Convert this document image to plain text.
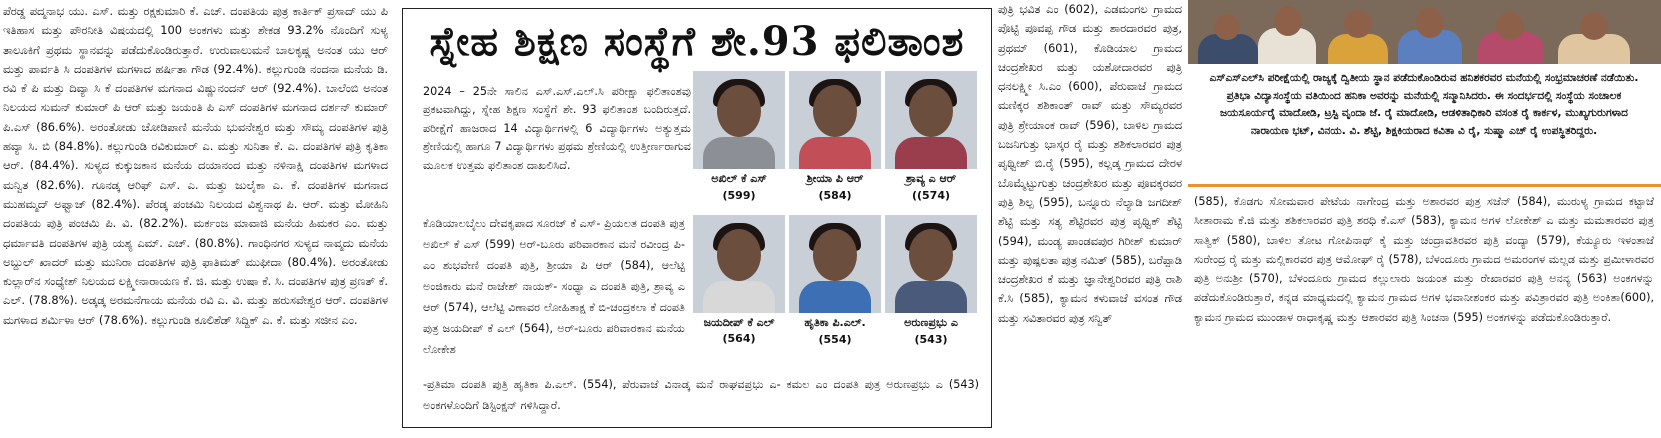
ಪೆರಡ್ಡ ಪದ್ಮನಾಭ ಯು. ಎಸ್. ಮತ್ತು ರಕ್ಷಕುಮಾರಿ ಕೆ. ಎಚ್. ದಂಪತಿಯ ಪುತ್ರ ಕಾರ್ತಿಕ್ ಪ್ರಸಾದ್ ಯು ಪಿ ಇತಿಹಾಸ ಮತ್ತು ಪೌರನೀತಿ ವಿಷಯದಲ್ಲಿ 100 ಅಂಕಗಳು ಮತ್ತು ಶೇಕಡ 93.2% ನೊಂದಿಗೆ ಸುಳ್ಯ ತಾಲೂಕಿಗೆ ಪ್ರಥಮ ಸ್ಥಾನವನ್ನು ಪಡೆದುಕೊಂಡಿರುತ್ತಾರೆ. ಉರುವಾಲುಮನೆ ಬಾಲಕೃಷ್ಣ ಅನಂತ ಯು ಆರ್ ಮತ್ತು ಪಾರ್ವತಿ ಸಿ ದಂಪತಿಗಳ ಮಗಳಾದ ಹರ್ಷಿತಾ ಗೌಡ (92.4%). ಕಲ್ಲುಗುಂಡಿ ನಂದನಾ ಮನೆಯ ಡಿ. ರವಿ ಕೆ ಪಿ ಮತ್ತು ದಿವ್ಯಾ ಸಿ ಕೆ ದಂಪತಿಗಳ ಮಗನಾದ ವಿಷ್ಣುನಂದನ್ ಆರ್ (92.4%). ಬಾಲೆಂಬಿ ಅನಂತ ನಿಲಯದ ಸುಮನ್ ಕುಮಾರ್ ಪಿ ಆರ್ ಮತ್ತು ಜಯಂತಿ ಪಿ ಎಸ್ ದಂಪತಿಗಳ ಮಗನಾದ ದರ್ಶನ್ ಕುಮಾರ್ ಪಿ.ಎಸ್ (86.6%). ಅರಂತೋಡು ಚೋಡಿಪಾಣಿ ಮನೆಯ ಭುವನೇಶ್ವರ ಮತ್ತು ಸೌಮ್ಯ ದಂಪತಿಗಳ ಪುತ್ರಿ ಹವ್ಯಾ ಸಿ. ಬಿ (84.8%). ಕಲ್ಲುಗುಂಡಿ ರವಿಕುಮಾರ್ ಎ. ಮತ್ತು ಸುನಿತಾ ಕೆ. ಎ. ದಂಪತಿಗಳ ಪುತ್ರಿ ಕೃತಿಕಾ ಆರ್. (84.4%). ಸುಳ್ಯದ ಕುಕ್ಕುಜಕಾನ ಮನೆಯ ದಯಾನಂದ ಮತ್ತು ನಳಿನಾಕ್ಷಿ ದಂಪತಿಗಳ ಮಗಳಾದ ಮನ್ವಿತ (82.6%). ಗೂನಡ್ಕ ಆರಿಫ್ ಎಸ್. ಎ. ಮತ್ತು ಜುಲೈಕಾ ಎ. ಕೆ. ದಂಪತಿಗಳ ಮಗನಾದ ಮುಹಮ್ಮದ್ ಅಫ್ವಾಜ್ (82.4%). ಪೆರಡ್ಕ ಪಂಚಮಿ ನಿಲಯದ ವಿಶ್ವನಾಥ ಪಿ. ಆರ್. ಮತ್ತು ಮೋಹಿನಿ ದಂಪತಿಯ ಪುತ್ರಿ ಪಂಚಮಿ ಪಿ. ವಿ. (82.2%). ಮರ್ಕಂಜ ಮಾವಾಜಿ ಮನೆಯ ಹಿಮಕರ ಎಂ. ಮತ್ತು ಧರ್ಮಾವತಿ ದಂಪತಿಗಳ ಪುತ್ರಿ ಯಶ್ಯ ಎಮ್. ಎಚ್. (80.8%). ಗಾಂಧಿನಗರ ಸುಳ್ಯದ ನಾವ್ಮದು ಮನೆಯ ಅಬ್ದುಲ್ ಖಾದರ್ ಮತ್ತು ಮುನಿರಾ ದಂಪತಿಗಳ ಪುತ್ರಿ ಫಾತಿಮತ್ ಮುಫೀದಾ (80.4%). ಅರಂತೋಡು ಕುಲ್ಲಾರ್‌ನ ಸಂಧ್ಯೇಶ್ ನಿಲಯದ ಲಕ್ಷ್ಮೀನಾರಾಯಣ ಕೆ. ಜಿ. ಮತ್ತು ಉಷಾ ಕೆ. ಸಿ. ದಂಪತಿಗಳ ಪುತ್ರ ಪ್ರಣತ್ ಕೆ. ಎಲ್. (78.8%). ಅಡ್ಕಡ್ಕ ಅರಮನೆಗಾಯ ಮನೆಯ ರವಿ ಎ. ವಿ. ಮತ್ತು ಹರುಸವೇಶ್ವರ ಆರ್. ದಂಪತಿಗಳ ಮಗಳಾದ ಶರ್ಮಿಳಾ ಆರ್ (78.6%). ಕಲ್ಲುಗುಂಡಿ ಕೂಲಿಶೆಡ್ ಸಿದ್ದಿಕ್ ಎ. ಕೆ. ಮತ್ತು ಸಜೀನ ಎಂ.

ಸ್ನೇಹ ಶಿಕ್ಷಣ ಸಂಸ್ಥೆಗೆ ಶೇ.93 ಫಲಿತಾಂಶ

2024 – 25ನೇ ಸಾಲಿನ ಎಸ್.ಎಸ್.ಎಲ್.ಸಿ ಪರೀಕ್ಷಾ ಫಲಿತಾಂಶವು ಪ್ರಕಟವಾಗಿದ್ದು, ಸ್ನೇಹ ಶಿಕ್ಷಣ ಸಂಸ್ಥೆಗೆ ಶೇ. 93 ಫಲಿತಾಂಶ ಬಂದಿರುತ್ತದೆ. ಪರೀಕ್ಷೆಗೆ ಹಾಜರಾದ 14 ವಿದ್ಯಾರ್ಥಿಗಳಲ್ಲಿ 6 ವಿದ್ಯಾರ್ಥಿಗಳು ಅತ್ಯುತ್ತಮ ಶ್ರೇಣಿಯಲ್ಲಿ ಹಾಗೂ 7 ವಿದ್ಯಾರ್ಥಿಗಳು ಪ್ರಥಮ ಶ್ರೇಣಿಯಲ್ಲಿ ಉತ್ತೀರ್ಣರಾಗುವ ಮೂಲಕ ಉತ್ತಮ ಫಲಿತಾಂಶ ದಾಖಲಿಸಿದೆ.

ಕೊಡಿಯಾಲಬೈಲು ದೇವಕೃಪಾದ ಸೂರಜ್ ಕೆ ಎಸ್- ಪ್ರಿಯಲತ ದಂಪತಿ ಪುತ್ರ ಅಖಿಲ್ ಕೆ ಎಸ್ (599) ಅರ್-ಬೂರು ಪರಿವಾರಕಾನ ಮನೆ ರವೀಂದ್ರ ಪಿ- ಎಂ ಶುಭವೇಣಿ ದಂಪತಿ ಪುತ್ರಿ, ಶ್ರೀಯಾ ಪಿ ಆರ್ (584), ಆಲೆಟ್ಟಿ ಅಂಜಿಕಾರು ಮನೆ ರಾಜೇಶ್ ನಾಯಕ್- ಸಂಧ್ಯಾ ಎ ದಂಪತಿ ಪುತ್ರಿ, ಶ್ರಾವ್ಯ ಎ ಆರ್ (574), ಆಲೆಟ್ಟಿ ವಿಣಾವರ ಲೋಹಿತಾಕ್ಷ ಕೆ ಬಿ-ಚಂದ್ರಕಲಾ ಕೆ ದಂಪತಿ ಪುತ್ರ ಜಯದೀಪ್ ಕೆ ಎಲ್ (564), ಅರ್-ಬೂರು ಪರಿವಾರಕಾನ ಮನೆಯ ಲೋಕೇಶ

-ಪ್ರತಿಮಾ ದಂಪತಿ ಪುತ್ರಿ ಹೃತಿಕಾ ಪಿ.ಎಲ್. (554), ಪೆರುವಾಜೆ ವಿನಾಡ್ಕ ಮನೆ ರಾಘವಪ್ರಭು ಎ- ಕಮಲ ಎಂ ದಂಪತಿ ಪುತ್ರ ಅರುಣಪ್ರಭು ಎ (543) ಅಂಕಗಳೊಂದಿಗೆ ಡಿಸ್ಟಿಂಕ್ಷನ್ ಗಳಿಸಿದ್ದಾರೆ.

ಅಖಿಲ್ ಕೆ ಎಸ್
(599)
ಶ್ರೀಯಾ ಪಿ ಆರ್
(584)
ಶ್ರಾವ್ಯ ಎ ಆರ್
((574)
ಜಯದೀಪ್ ಕೆ ಎಲ್ (564)
ಹೃತಿಕಾ ಪಿ.ಎಲ್.
(554)
ಅರುಣಪ್ರಭು ಎ
(543)

ಪುತ್ರಿ ಭವಿತ ಎಂ (602), ಎಡಮಂಗಲ ಗ್ರಾಮದ ಪೊಟ್ಟಿ ಪೂವಪ್ಪ ಗೌಡ ಮತ್ತು ಶಾರದಾರವರ ಪುತ್ರ, ಪ್ರಥಮ್ (601), ಕೊಡಿಯಾಲ ಗ್ರಾಮದ ಚಂದ್ರಶೇಖರ ಮತ್ತು ಯಶೋದಾರವರ ಪುತ್ರಿ ಧನಲಕ್ಷ್ಮೀ ಸಿ.ಎಂ (600), ಪೆರುವಾಜೆ ಗ್ರಾಮದ ಮಣಿಕ್ಕರ ಶಶಿಕಾಂತ್ ರಾವ್ ಮತ್ತು ಸೌಮ್ಯರವರ ಪುತ್ರಿ ಶ್ರೇಯಾಂಕ ರಾವ್ (596), ಬಾಳಿಲ ಗ್ರಾಮದ ಬಜನಿಗುತ್ತು ಭಾಸ್ಕರ ರೈ ಮತ್ತು ಶಶಿಕಲಾರವರ ಪುತ್ರ ಪೃಥ್ವೀಶ್ ಬಿ.ರೈ (595), ಕಲ್ಲಡ್ಕ ಗ್ರಾಮದ ದೇರಳ ಬೊಮ್ಮೆಟ್ಟುಗುತ್ತು ಚಂದ್ರಶೇಖರ ಮತ್ತು ಪೂವಕ್ಕರವರ ಪುತ್ರಿ ಶಿಲ್ಪ (595), ಬನ್ನೂರು ನೆಲ್ಯಾಡಿ ಜಗದೀಶ್ ಶೆಟ್ಟಿ ಮತ್ತು ಸತ್ಯ ಶೆಟ್ಟಿರವರ ಪುತ್ರ ಪೃಥ್ವಿಕ್ ಶೆಟ್ಟಿ (594), ಮಂಡ್ಯ ಪಾಂಡವಪುರ ಗಿರೀಶ್ ಕುಮಾರ್ ಮತ್ತು ಪುಷ್ಪಲತಾ ಪುತ್ರ ನಮಿತ್ (585), ಬರೆಪ್ಪಾಡಿ ಚಂದ್ರಶೇಖರ ಕೆ ಮತ್ತು ಜ್ಞಾನೇಶ್ವರಿರವರ ಪುತ್ರಿ ರಾಶಿ ಕೆ.ಸಿ (585), ಕ್ಯಾಮನ ಕಳುವಾಜೆ ವಸಂತ ಗೌಡ ಮತ್ತು ಸವಿತಾರವರ ಪುತ್ರ ಸನ್ವಿತ್

ಎಸ್‌ಎಸ್‌ಎಲ್‌ಸಿ ಪರೀಕ್ಷೆಯಲ್ಲಿ ರಾಜ್ಯಕ್ಕೆ ದ್ವಿತೀಯ ಸ್ಥಾನ ಪಡೆದುಕೊಂಡಿರುವ ಹನಿಶಕರವರ ಮನೆಯಲ್ಲಿ ಸಂಭ್ರಮಾಚರಣೆ ನಡೆಯಿತು. ಪ್ರತಿಭಾ ವಿದ್ಯಾಸಂಸ್ಥೆಯ ವತಿಯಿಂದ ಹನಿಕಾ ಅವರನ್ನು ಮನೆಯಲ್ಲಿ ಸನ್ಮಾನಿಸಿದರು. ಈ ಸಂದರ್ಭದಲ್ಲಿ ಸಂಸ್ಥೆಯ ಸಂಚಾಲಕ ಜಯಸೂರ್ಯರೈ ಮಾದೋಡಿ, ಟ್ರಸ್ಟಿ ವೃಂದಾ ಜೆ. ರೈ ಮಾದೋಡಿ, ಆಡಳಿತಾಧಿಕಾರಿ ವಸಂತ ರೈ ಕಾರ್ಕಳ, ಮುಖ್ಯಗುರುಗಳಾದ ನಾರಾಯಣ ಭಟ್, ವಿನಯ. ವಿ. ಶೆಟ್ಟಿ, ಶಿಕ್ಷಕಿಯರಾದ ಕವಿತಾ ವಿ ರೈ, ಸುಷ್ಮಾ ಎಚ್ ರೈ ಉಪಸ್ಥಿತರಿದ್ದರು.

(585), ಕೊಡಗು ಸೋಮವಾರ ಪೇಟೆಯ ನಾಗೇಂದ್ರ ಮತ್ತು ಅಶಾರವರ ಪುತ್ರ ಸಜೆನ್ (584), ಮುರುಳ್ಯ ಗ್ರಾಮದ ಕಟ್ಟಾಜೆ ಸೀತಾರಾಮ ಕೆ.ಜಿ ಮತ್ತು ಶಶಿಕಲಾರವರ ಪುತ್ರಿ ಶರಧಿ ಕೆ.ಎಸ್ (583), ಕ್ಯಾಮನ ಅಗಳ ಲೋಕೇಶ್ ಎ ಮತ್ತು ಮಮತಾರವರ ಪುತ್ರ ಸಾತ್ವಿಕ್ (580), ಬಾಳಿಲ ತೋಟ ಗೋಪಿನಾಥ್ ಕೈ ಮತ್ತು ಚಂದ್ರಾವತಿರವರ ಪುತ್ರಿ ವಂದ್ಯಾ (579), ಕೆಯ್ಯೂರು ಇಳಂತಾಜೆ ಸುರೇಂದ್ರ ರೈ ಮತ್ತು ಮಲ್ಲಿಕಾರವರ ಪುತ್ರ ಆಮೋಘ್ ರೈ (578), ಬೆಳಂದೂರು ಗ್ರಾಮದ ಅಮರಂಗಳ ಮಲ್ಲಡ ಮತ್ತು ಪ್ರಮೀಳಾರವರ ಪುತ್ರಿ ಅನುಶ್ರೀ (570), ಬೆಳಂದೂರು ಗ್ರಾಮದ ಕಲ್ಲುಲಾರು ಜಯಂತ ಮತ್ತು ರೇಖಾರವರ ಪುತ್ರಿ ಅನನ್ಯ (563) ಅಂಕಗಳನ್ನು ಪಡೆದುಕೊಂಡಿರುತ್ತಾರೆ, ಕನ್ನಡ ಮಾಧ್ಯಮದಲ್ಲಿ ಕ್ಯಾಮನ ಗ್ರಾಮದ ಅಗಳ ಭವಾನೀಶಂಕರ ಮತ್ತು ಪವಿತ್ರಾರವರ ಪುತ್ರಿ ಅಂಕಿತಾ(600), ಕ್ಯಾಮನ ಗ್ರಾಮದ ಮುಂಡಾಳ ರಾಧಾಕೃಷ್ಣ ಮತ್ತು ಆಶಾರವರ ಪುತ್ರಿ ಸಿಂಚನಾ (595) ಅಂಕಗಳನ್ನು ಪಡೆದುಕೊಂಡಿರುತ್ತಾರೆ.
